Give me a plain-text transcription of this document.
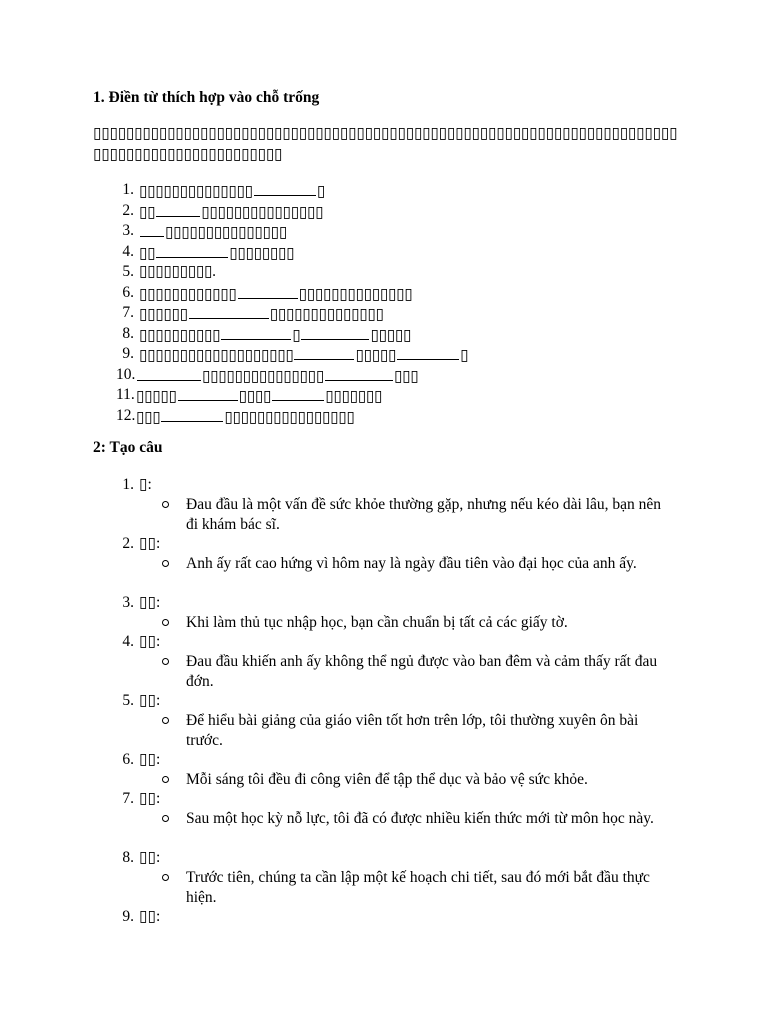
1. Điền từ thích hợp vào chỗ trống

▯▯▯▯▯▯▯▯▯▯▯▯▯▯▯▯▯▯▯▯▯▯▯▯▯▯▯▯▯▯▯▯▯▯▯▯▯▯▯▯▯▯▯▯▯▯▯▯▯▯▯▯▯▯▯▯▯▯▯▯▯▯▯▯▯▯▯▯▯▯▯▯▯▯▯▯▯▯▯▯▯▯▯▯▯▯▯▯▯▯▯▯▯▯

1. ▯▯▯▯▯▯▯▯▯▯▯▯▯▯	▯
2. ▯▯	▯▯▯▯▯▯▯▯▯▯▯▯▯▯▯
3.	▯▯▯▯▯▯▯▯▯▯▯▯▯▯▯
4. ▯▯	▯▯▯▯▯▯▯▯
5. ▯▯▯▯▯▯▯▯▯.
6. ▯▯▯▯▯▯▯▯▯▯▯▯	▯▯▯▯▯▯▯▯▯▯▯▯▯▯
7. ▯▯▯▯▯▯	▯▯▯▯▯▯▯▯▯▯▯▯▯▯
8. ▯▯▯▯▯▯▯▯▯▯	▯	▯▯▯▯▯
9. ▯▯▯▯▯▯▯▯▯▯▯▯▯▯▯▯▯▯▯	▯▯▯▯▯	▯
10.	▯▯▯▯▯▯▯▯▯▯▯▯▯▯▯	▯▯▯
11. ▯▯▯▯▯	▯▯▯▯	▯▯▯▯▯▯▯
12. ▯▯▯	▯▯▯▯▯▯▯▯▯▯▯▯▯▯▯▯
2: Tạo câu
1. ▯:

Đau đầu là một vấn đề sức khỏe thường gặp, nhưng nếu kéo dài lâu, bạn nên đi khám bác sĩ.

2. ▯▯:

Anh ấy rất cao hứng vì hôm nay là ngày đầu tiên vào đại học của anh ấy.

3. ▯▯:

Khi làm thủ tục nhập học, bạn cần chuẩn bị tất cả các giấy tờ.

4. ▯▯:

Đau đầu khiến anh ấy không thể ngủ được vào ban đêm và cảm thấy rất đau đớn.

5. ▯▯:

Để hiểu bài giảng của giáo viên tốt hơn trên lớp, tôi thường xuyên ôn bài trước.

6. ▯▯:

Mỗi sáng tôi đều đi công viên để tập thể dục và bảo vệ sức khỏe.

7. ▯▯:

Sau một học kỳ nỗ lực, tôi đã có được nhiều kiến thức mới từ môn học này.

8. ▯▯:

Trước tiên, chúng ta cần lập một kế hoạch chi tiết, sau đó mới bắt đầu thực hiện.

9. ▯▯:
